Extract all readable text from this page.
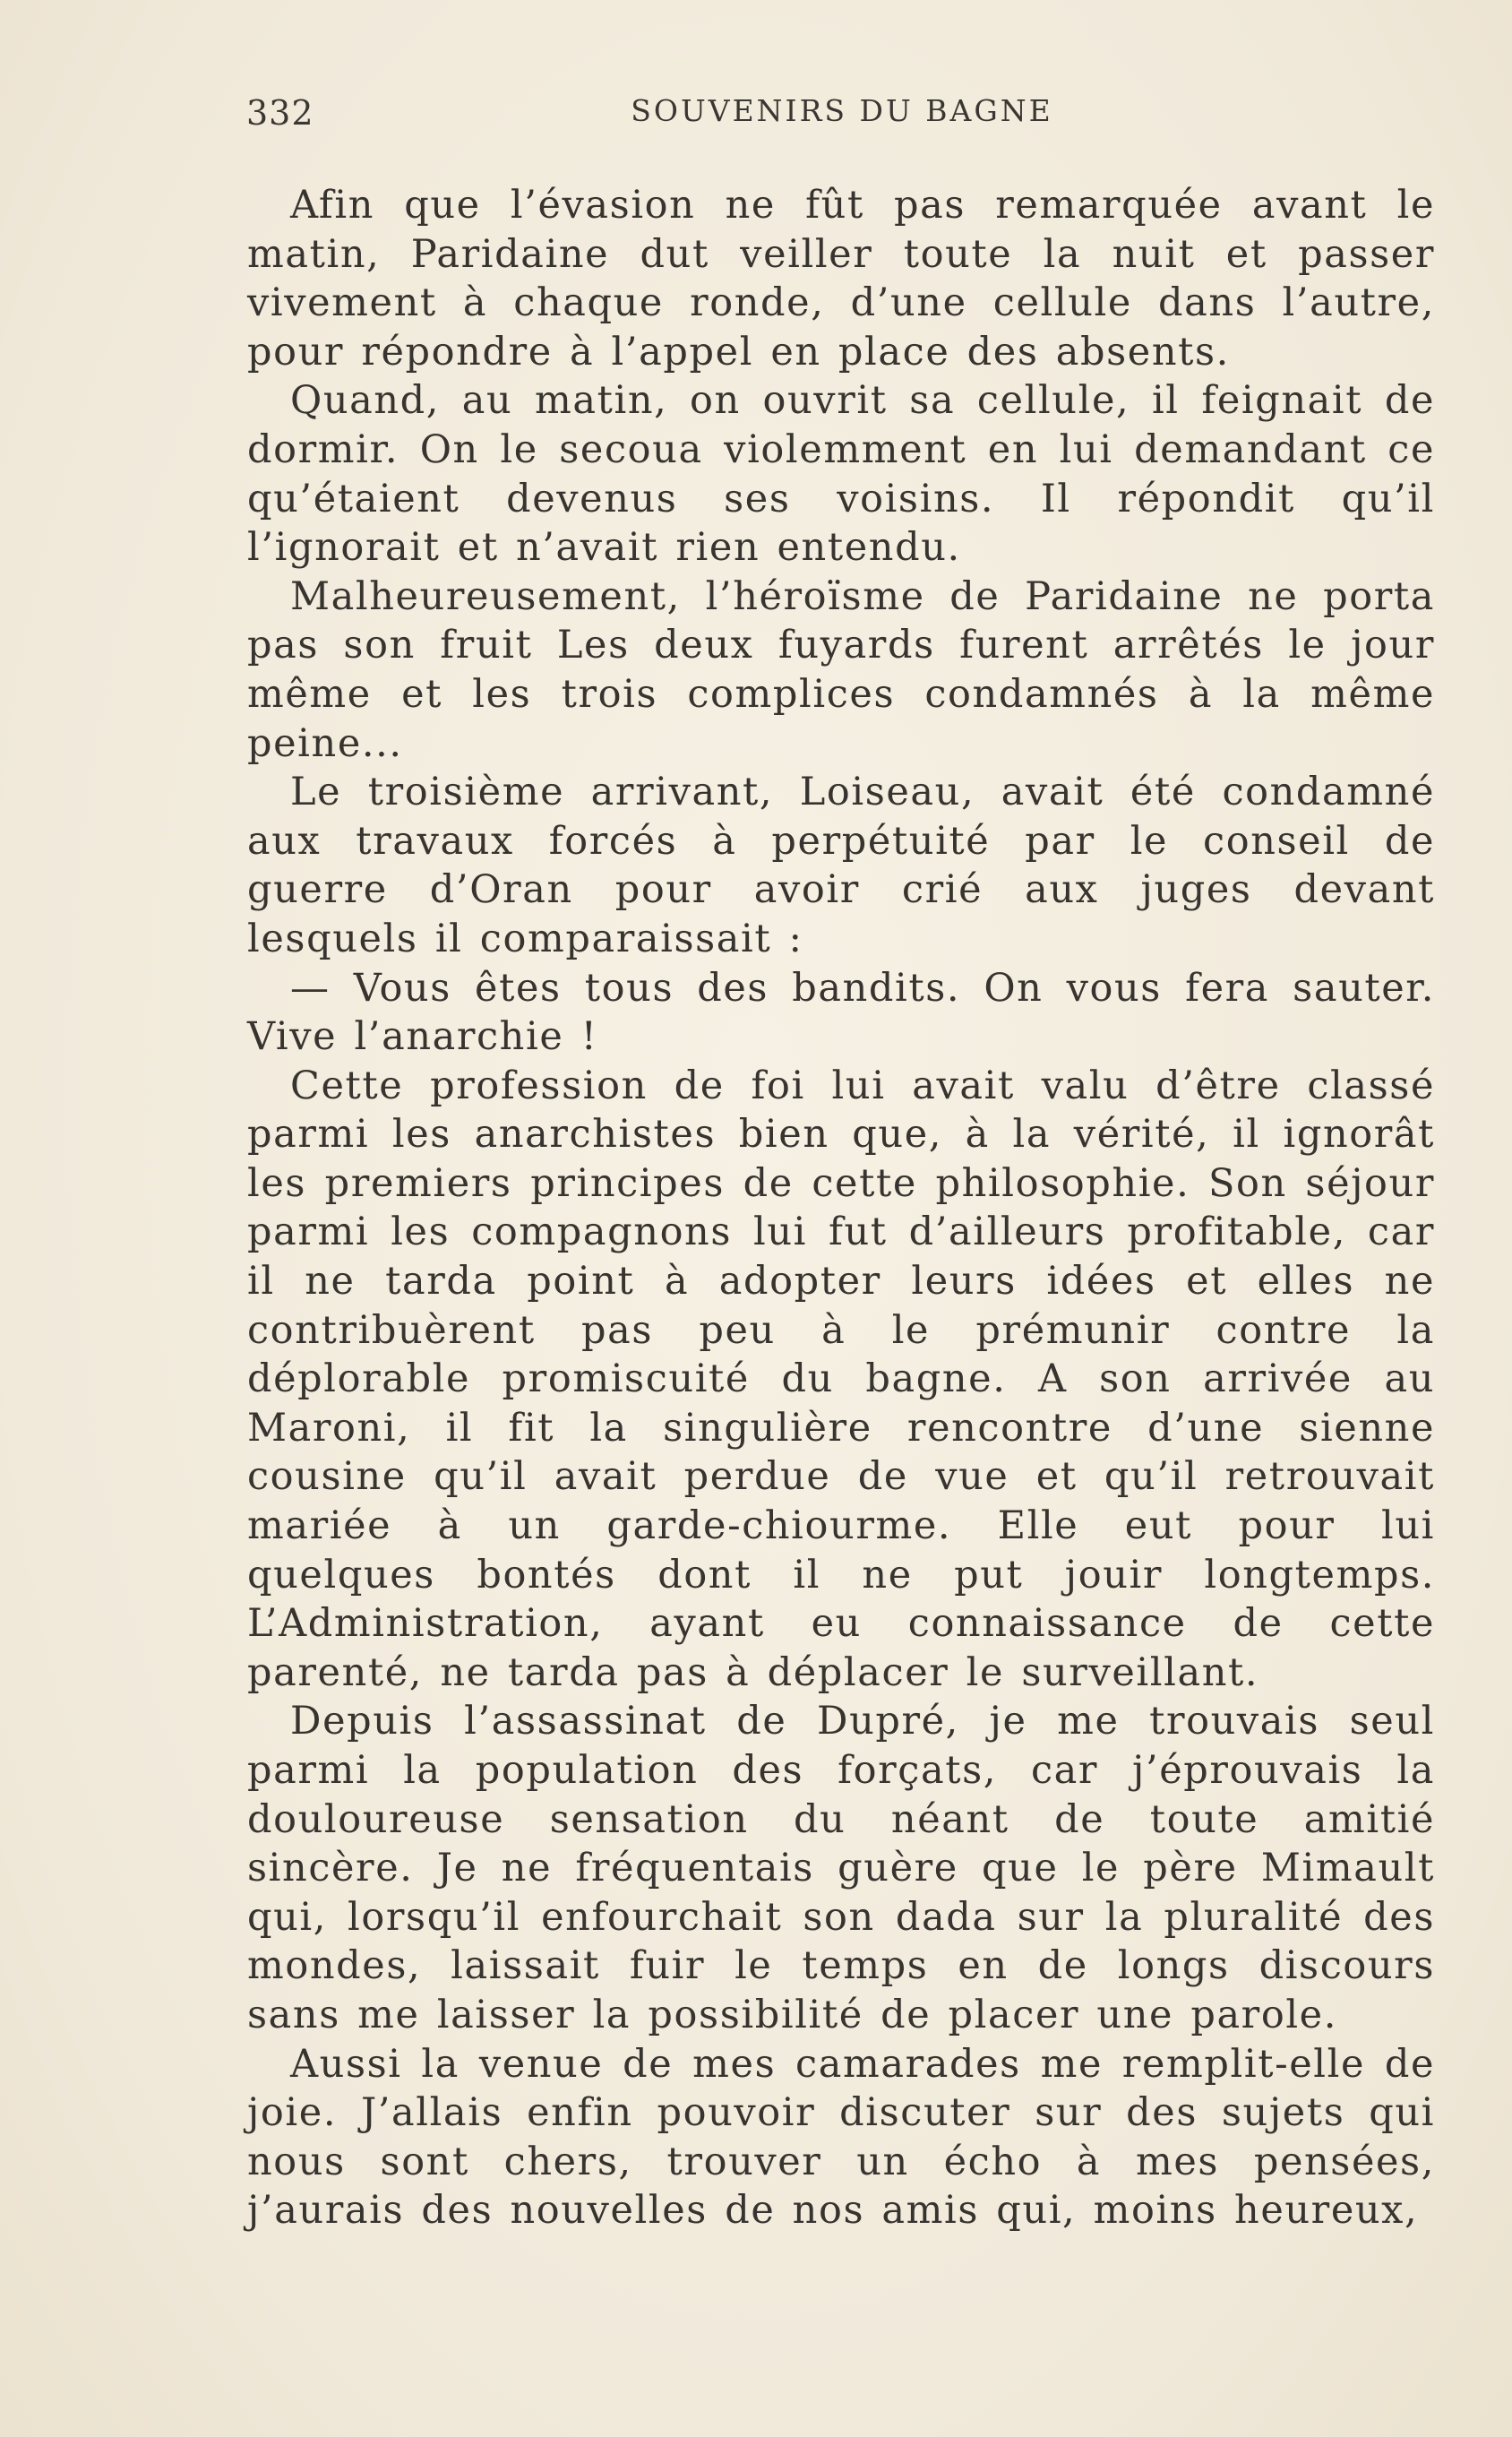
332	SOUVENIRS DU BAGNE

Afin que l’évasion ne fût pas remarquée avant le matin, Paridaine dut veiller toute la nuit et passer vivement à chaque ronde, d’une cellule dans l’autre, pour répondre à l’appel en place des absents.

Quand, au matin, on ouvrit sa cellule, il feignait de dormir. On le secoua violemment en lui demandant ce qu’étaient devenus ses voisins. Il répondit qu’il l’ignorait et n’avait rien entendu.

Malheureusement, l’héroïsme de Paridaine ne porta pas son fruit Les deux fuyards furent arrêtés le jour même et les trois complices condamnés à la même peine...

Le troisième arrivant, Loiseau, avait été condamné aux travaux forcés à perpétuité par le conseil de guerre d’Oran pour avoir crié aux juges devant lesquels il comparaissait :

— Vous êtes tous des bandits. On vous fera sauter. Vive l’anarchie !

Cette profession de foi lui avait valu d’être classé parmi les anarchistes bien que, à la vérité, il ignorât les premiers principes de cette philosophie. Son séjour parmi les compagnons lui fut d’ailleurs profitable, car il ne tarda point à adopter leurs idées et elles ne contribuèrent pas peu à le prémunir contre la déplorable promiscuité du bagne. A son arrivée au Maroni, il fit la singulière rencontre d’une sienne cousine qu’il avait perdue de vue et qu’il retrouvait mariée à un garde-chiourme. Elle eut pour lui quelques bontés dont il ne put jouir longtemps. L’Administration, ayant eu connaissance de cette parenté, ne tarda pas à déplacer le surveillant.

Depuis l’assassinat de Dupré, je me trouvais seul parmi la population des forçats, car j’éprouvais la douloureuse sensation du néant de toute amitié sincère. Je ne fréquentais guère que le père Mimault qui, lorsqu’il enfourchait son dada sur la pluralité des mondes, laissait fuir le temps en de longs discours sans me laisser la possibilité de placer une parole.

Aussi la venue de mes camarades me remplit-elle de joie. J’allais enfin pouvoir discuter sur des sujets qui nous sont chers, trouver un écho à mes pensées, j’aurais des nouvelles de nos amis qui, moins heureux,
